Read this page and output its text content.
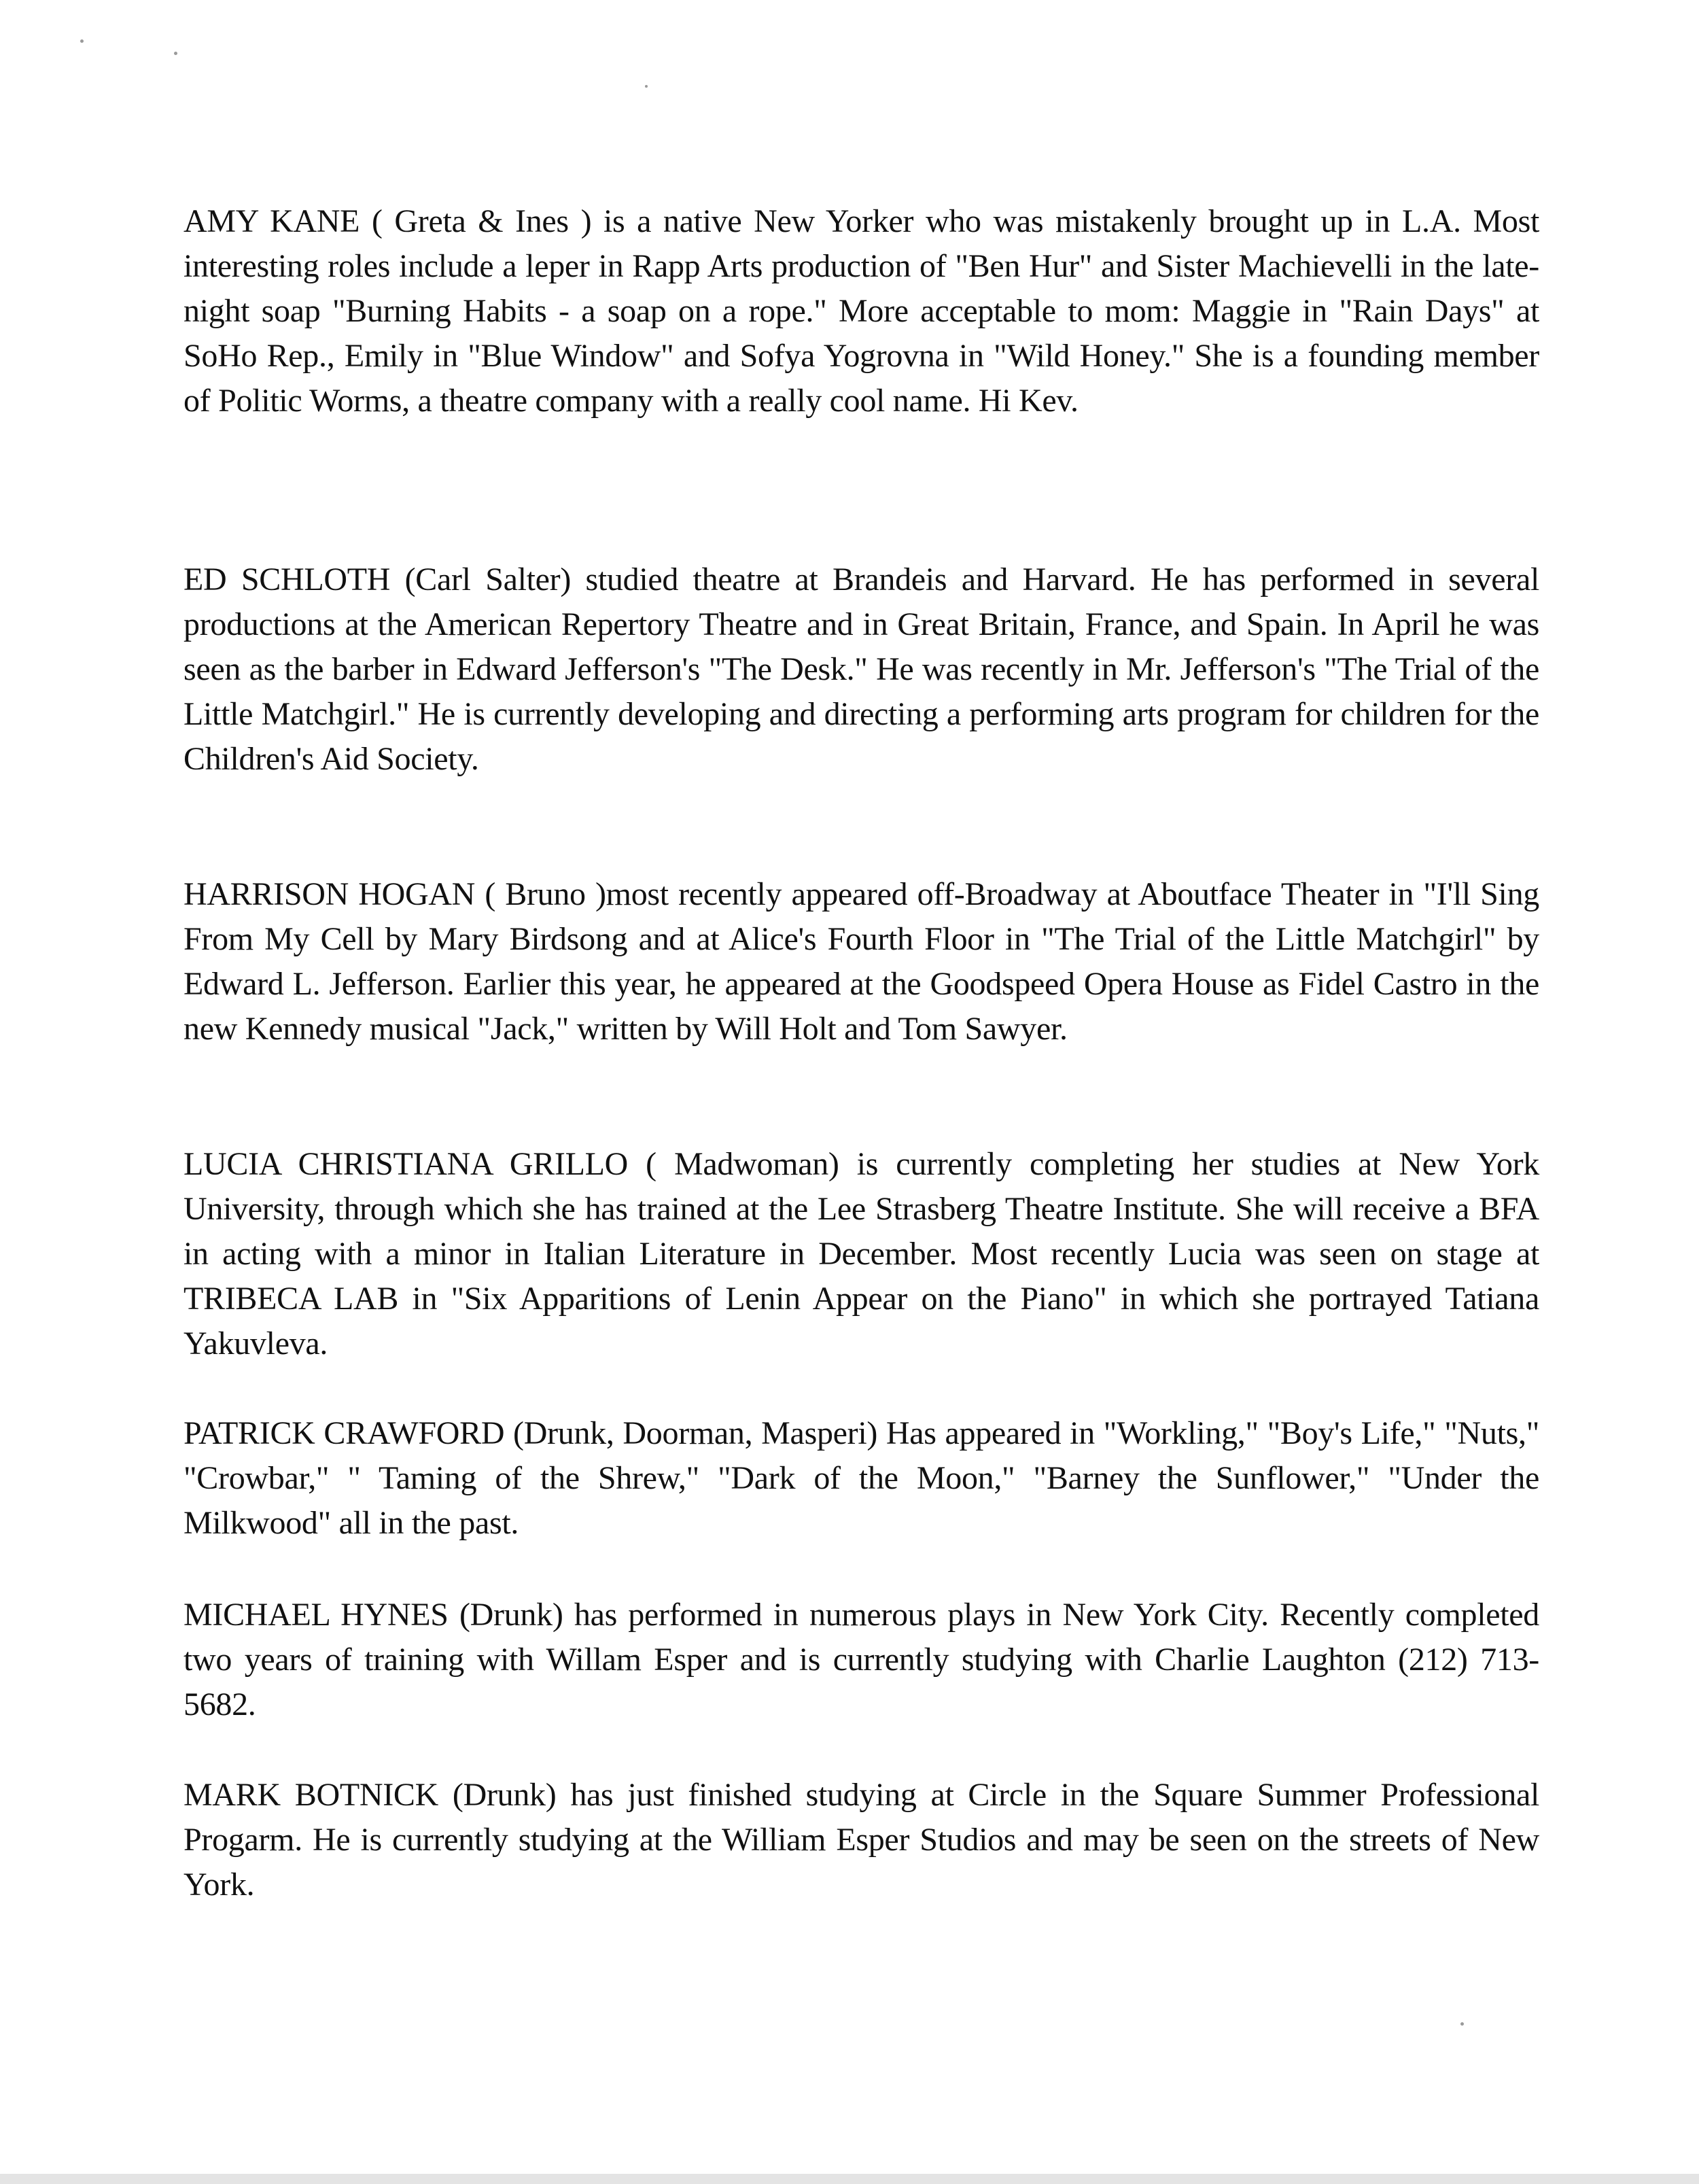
AMY KANE ( Greta & Ines ) is a native New Yorker who was mistakenly brought up in L.A. Most interesting roles include a leper in Rapp Arts production of "Ben Hur" and Sister Machievelli in the late-night soap "Burning Habits - a soap on a rope." More acceptable to mom: Maggie in "Rain Days" at SoHo Rep., Emily in "Blue Window" and Sofya Yogrovna in "Wild Honey." She is a founding member of Politic Worms, a theatre company with a really cool name. Hi Kev.

ED SCHLOTH (Carl Salter) studied theatre at Brandeis and Harvard. He has performed in several productions at the American Repertory Theatre and in Great Britain, France, and Spain. In April he was seen as the barber in Edward Jefferson's "The Desk." He was recently in Mr. Jefferson's "The Trial of the Little Matchgirl." He is currently developing and directing a performing arts program for children for the Children's Aid Society.

HARRISON HOGAN ( Bruno )most recently appeared off-Broadway at Aboutface Theater in "I'll Sing From My Cell by Mary Birdsong and at Alice's Fourth Floor in "The Trial of the Little Matchgirl" by Edward L. Jefferson. Earlier this year, he appeared at the Goodspeed Opera House as Fidel Castro in the new Kennedy musical "Jack," written by Will Holt and Tom Sawyer.

LUCIA CHRISTIANA GRILLO ( Madwoman) is currently completing her studies at New York University, through which she has trained at the Lee Strasberg Theatre Institute. She will receive a BFA in acting with a minor in Italian Literature in December. Most recently Lucia was seen on stage at TRIBECA LAB in "Six Apparitions of Lenin Appear on the Piano" in which she portrayed Tatiana Yakuvleva.

PATRICK CRAWFORD (Drunk, Doorman, Masperi) Has appeared in "Workling," "Boy's Life," "Nuts," "Crowbar," " Taming of the Shrew," "Dark of the Moon," "Barney the Sunflower," "Under the Milkwood" all in the past.

MICHAEL HYNES (Drunk) has performed in numerous plays in New York City. Recently completed two years of training with Willam Esper and is currently studying with Charlie Laughton (212) 713-5682.

MARK BOTNICK (Drunk) has just finished studying at Circle in the Square Summer Professional Progarm. He is currently studying at the William Esper Studios and may be seen on the streets of New York.
